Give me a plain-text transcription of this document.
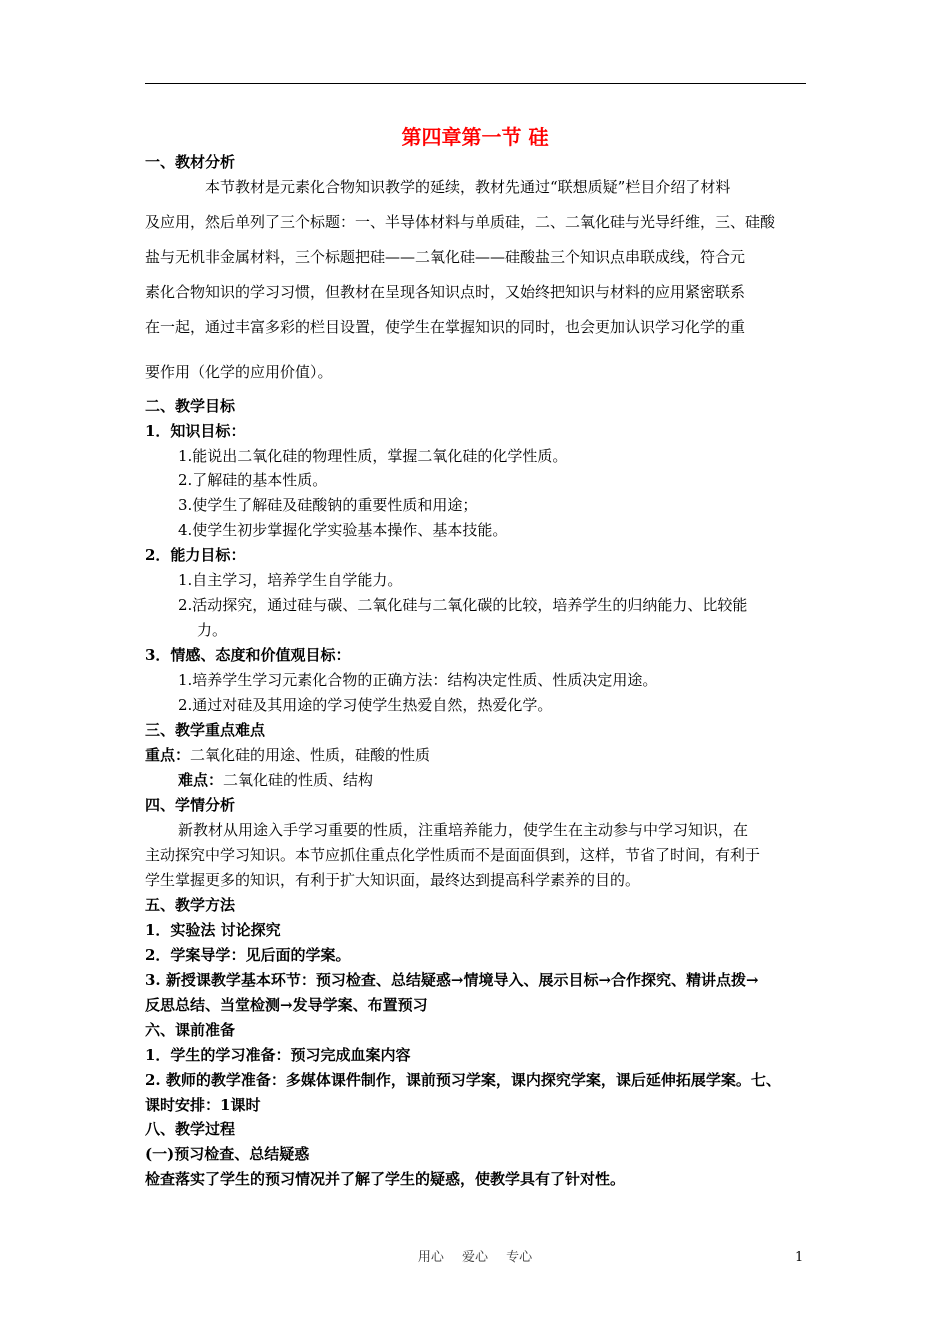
第四章第一节 硅
一、教材分析
本节教材是元素化合物知识教学的延续，教材先通过“联想质疑”栏目介绍了材料
及应用，然后单列了三个标题：一、半导体材料与单质硅，二、二氧化硅与光导纤维，三、硅酸
盐与无机非金属材料，三个标题把硅——二氧化硅——硅酸盐三个知识点串联成线，符合元
素化合物知识的学习习惯，但教材在呈现各知识点时，又始终把知识与材料的应用紧密联系
在一起，通过丰富多彩的栏目设置，使学生在掌握知识的同时，也会更加认识学习化学的重
要作用（化学的应用价值）。
二、教学目标
1．知识目标：
1.能说出二氧化硅的物理性质，掌握二氧化硅的化学性质。
2.了解硅的基本性质。
3.使学生了解硅及硅酸钠的重要性质和用途；
4.使学生初步掌握化学实验基本操作、基本技能。
2．能力目标：
1.自主学习，培养学生自学能力。
2.活动探究，通过硅与碳、二氧化硅与二氧化碳的比较，培养学生的归纳能力、比较能
力。
3．情感、态度和价值观目标：
1.培养学生学习元素化合物的正确方法：结构决定性质、性质决定用途。
2.通过对硅及其用途的学习使学生热爱自然，热爱化学。
三、教学重点难点
重点：二氧化硅的用途、性质，硅酸的性质
难点：二氧化硅的性质、结构
四、学情分析
新教材从用途入手学习重要的性质，注重培养能力，使学生在主动参与中学习知识，在
主动探究中学习知识。本节应抓住重点化学性质而不是面面俱到，这样，节省了时间，有利于
学生掌握更多的知识，有利于扩大知识面，最终达到提高科学素养的目的。
五、教学方法
1．实验法 讨论探究
2．学案导学：见后面的学案。
3. 新授课教学基本环节：预习检查、总结疑惑→情境导入、展示目标→合作探究、精讲点拨→
反思总结、当堂检测→发导学案、布置预习
六、课前准备
1．学生的学习准备：预习完成血案内容
2. 教师的教学准备：多媒体课件制作，课前预习学案，课内探究学案，课后延伸拓展学案。七、
课时安排：1课时
八、教学过程
(一)预习检查、总结疑惑
检查落实了学生的预习情况并了解了学生的疑惑，使教学具有了针对性。
用心 爱心 专心	1
